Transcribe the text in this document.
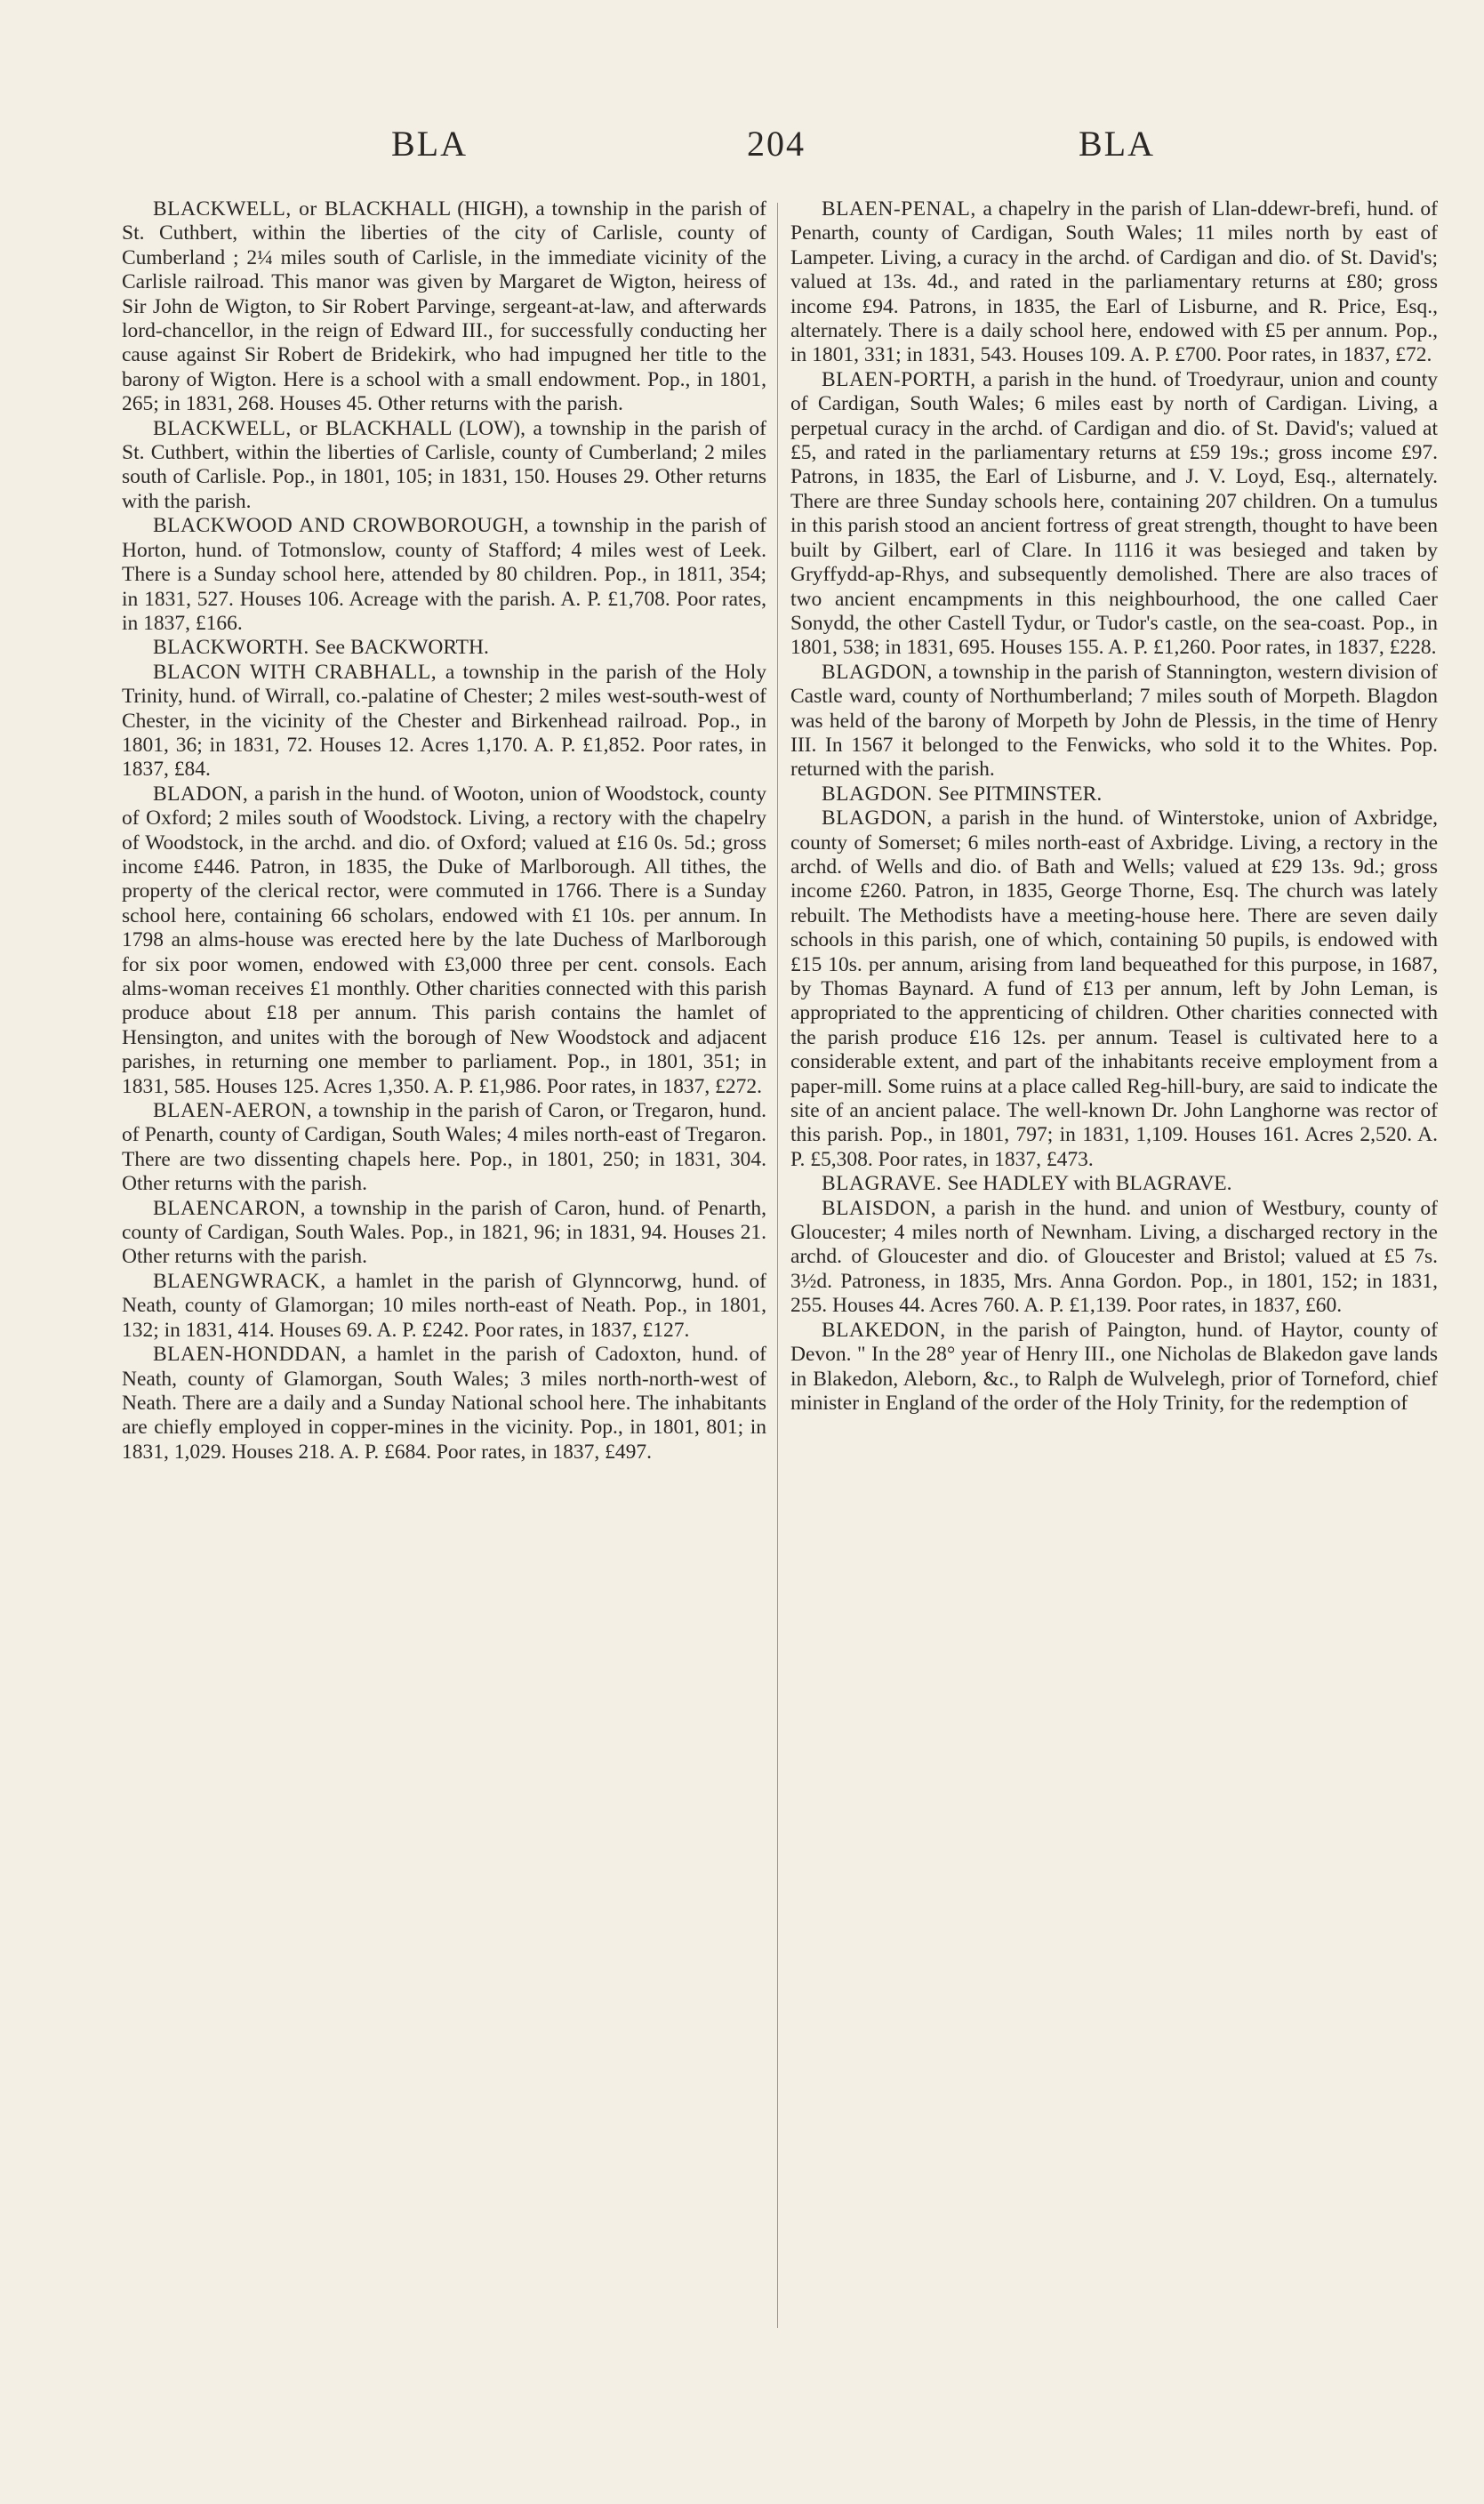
BLA	204	BLA

BLACKWELL, or BLACKHALL (HIGH), a township in the parish of St. Cuthbert, within the liberties of the city of Carlisle, county of Cumberland ; 2¼ miles south of Carlisle, in the immediate vicinity of the Carlisle railroad. This manor was given by Margaret de Wigton, heiress of Sir John de Wigton, to Sir Robert Parvinge, sergeant-at-law, and afterwards lord-chancellor, in the reign of Edward III., for successfully conducting her cause against Sir Robert de Bridekirk, who had impugned her title to the barony of Wigton. Here is a school with a small endowment. Pop., in 1801, 265; in 1831, 268. Houses 45. Other returns with the parish.

BLACKWELL, or BLACKHALL (LOW), a township in the parish of St. Cuthbert, within the liberties of Carlisle, county of Cumberland; 2 miles south of Carlisle. Pop., in 1801, 105; in 1831, 150. Houses 29. Other returns with the parish.

BLACKWOOD AND CROWBOROUGH, a township in the parish of Horton, hund. of Totmonslow, county of Stafford; 4 miles west of Leek. There is a Sunday school here, attended by 80 children. Pop., in 1811, 354; in 1831, 527. Houses 106. Acreage with the parish. A. P. £1,708. Poor rates, in 1837, £166.

BLACKWORTH. See BACKWORTH.

BLACON WITH CRABHALL, a township in the parish of the Holy Trinity, hund. of Wirrall, co.-palatine of Chester; 2 miles west-south-west of Chester, in the vicinity of the Chester and Birkenhead railroad. Pop., in 1801, 36; in 1831, 72. Houses 12. Acres 1,170. A. P. £1,852. Poor rates, in 1837, £84.

BLADON, a parish in the hund. of Wooton, union of Woodstock, county of Oxford; 2 miles south of Woodstock. Living, a rectory with the chapelry of Woodstock, in the archd. and dio. of Oxford; valued at £16 0s. 5d.; gross income £446. Patron, in 1835, the Duke of Marlborough. All tithes, the property of the clerical rector, were commuted in 1766. There is a Sunday school here, containing 66 scholars, endowed with £1 10s. per annum. In 1798 an alms-house was erected here by the late Duchess of Marlborough for six poor women, endowed with £3,000 three per cent. consols. Each alms-woman receives £1 monthly. Other charities connected with this parish produce about £18 per annum. This parish contains the hamlet of Hensington, and unites with the borough of New Woodstock and adjacent parishes, in returning one member to parliament. Pop., in 1801, 351; in 1831, 585. Houses 125. Acres 1,350. A. P. £1,986. Poor rates, in 1837, £272.

BLAEN-AERON, a township in the parish of Caron, or Tregaron, hund. of Penarth, county of Cardigan, South Wales; 4 miles north-east of Tregaron. There are two dissenting chapels here. Pop., in 1801, 250; in 1831, 304. Other returns with the parish.

BLAENCARON, a township in the parish of Caron, hund. of Penarth, county of Cardigan, South Wales. Pop., in 1821, 96; in 1831, 94. Houses 21. Other returns with the parish.

BLAENGWRACK, a hamlet in the parish of Glynncorwg, hund. of Neath, county of Glamorgan; 10 miles north-east of Neath. Pop., in 1801, 132; in 1831, 414. Houses 69. A. P. £242. Poor rates, in 1837, £127.

BLAEN-HONDDAN, a hamlet in the parish of Cadoxton, hund. of Neath, county of Glamorgan, South Wales; 3 miles north-north-west of Neath. There are a daily and a Sunday National school here. The inhabitants are chiefly employed in copper-mines in the vicinity. Pop., in 1801, 801; in 1831, 1,029. Houses 218. A. P. £684. Poor rates, in 1837, £497.

BLAEN-PENAL, a chapelry in the parish of Llan-ddewr-brefi, hund. of Penarth, county of Cardigan, South Wales; 11 miles north by east of Lampeter. Living, a curacy in the archd. of Cardigan and dio. of St. David's; valued at 13s. 4d., and rated in the parliamentary returns at £80; gross income £94. Patrons, in 1835, the Earl of Lisburne, and R. Price, Esq., alternately. There is a daily school here, endowed with £5 per annum. Pop., in 1801, 331; in 1831, 543. Houses 109. A. P. £700. Poor rates, in 1837, £72.

BLAEN-PORTH, a parish in the hund. of Troedyraur, union and county of Cardigan, South Wales; 6 miles east by north of Cardigan. Living, a perpetual curacy in the archd. of Cardigan and dio. of St. David's; valued at £5, and rated in the parliamentary returns at £59 19s.; gross income £97. Patrons, in 1835, the Earl of Lisburne, and J. V. Loyd, Esq., alternately. There are three Sunday schools here, containing 207 children. On a tumulus in this parish stood an ancient fortress of great strength, thought to have been built by Gilbert, earl of Clare. In 1116 it was besieged and taken by Gryffydd-ap-Rhys, and subsequently demolished. There are also traces of two ancient encampments in this neighbourhood, the one called Caer Sonydd, the other Castell Tydur, or Tudor's castle, on the sea-coast. Pop., in 1801, 538; in 1831, 695. Houses 155. A. P. £1,260. Poor rates, in 1837, £228.

BLAGDON, a township in the parish of Stannington, western division of Castle ward, county of Northumberland; 7 miles south of Morpeth. Blagdon was held of the barony of Morpeth by John de Plessis, in the time of Henry III. In 1567 it belonged to the Fenwicks, who sold it to the Whites. Pop. returned with the parish.

BLAGDON. See PITMINSTER.

BLAGDON, a parish in the hund. of Winterstoke, union of Axbridge, county of Somerset; 6 miles north-east of Axbridge. Living, a rectory in the archd. of Wells and dio. of Bath and Wells; valued at £29 13s. 9d.; gross income £260. Patron, in 1835, George Thorne, Esq. The church was lately rebuilt. The Methodists have a meeting-house here. There are seven daily schools in this parish, one of which, containing 50 pupils, is endowed with £15 10s. per annum, arising from land bequeathed for this purpose, in 1687, by Thomas Baynard. A fund of £13 per annum, left by John Leman, is appropriated to the apprenticing of children. Other charities connected with the parish produce £16 12s. per annum. Teasel is cultivated here to a considerable extent, and part of the inhabitants receive employment from a paper-mill. Some ruins at a place called Reg-hill-bury, are said to indicate the site of an ancient palace. The well-known Dr. John Langhorne was rector of this parish. Pop., in 1801, 797; in 1831, 1,109. Houses 161. Acres 2,520. A. P. £5,308. Poor rates, in 1837, £473.

BLAGRAVE. See HADLEY with BLAGRAVE.

BLAISDON, a parish in the hund. and union of Westbury, county of Gloucester; 4 miles north of Newnham. Living, a discharged rectory in the archd. of Gloucester and dio. of Gloucester and Bristol; valued at £5 7s. 3½d. Patroness, in 1835, Mrs. Anna Gordon. Pop., in 1801, 152; in 1831, 255. Houses 44. Acres 760. A. P. £1,139. Poor rates, in 1837, £60.

BLAKEDON, in the parish of Paington, hund. of Haytor, county of Devon. " In the 28° year of Henry III., one Nicholas de Blakedon gave lands in Blakedon, Aleborn, &c., to Ralph de Wulvelegh, prior of Torneford, chief minister in England of the order of the Holy Trinity, for the redemption of
